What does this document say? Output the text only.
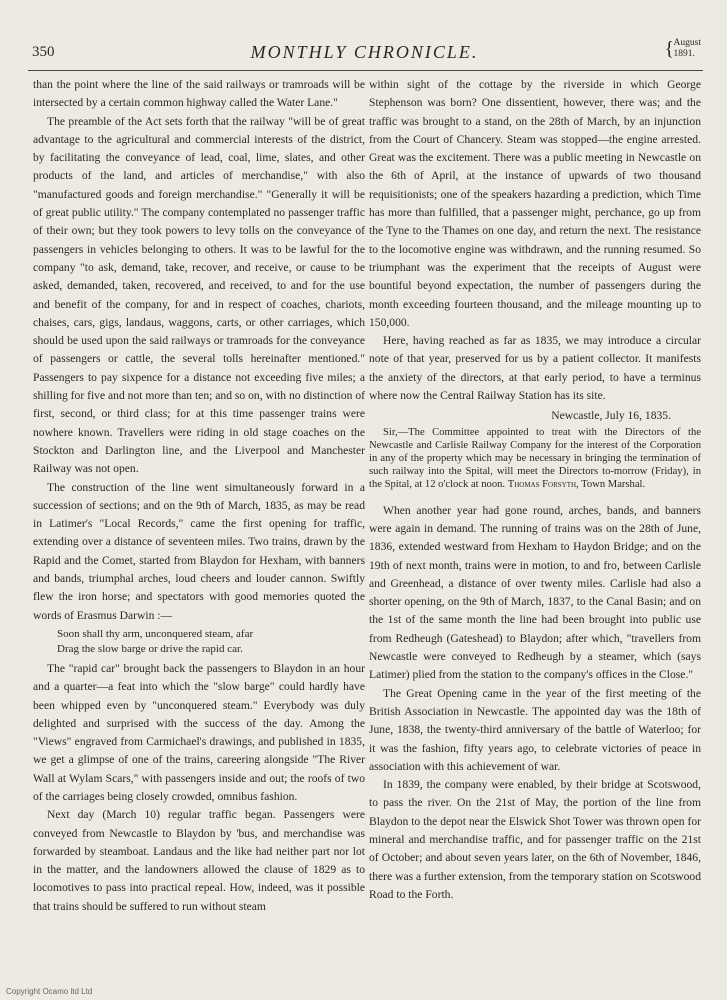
350	MONTHLY CHRONICLE.	{ August
1891.

than the point where the line of the said railways or tramroads will be intersected by a certain common highway called the Water Lane."

The preamble of the Act sets forth that the railway "will be of great advantage to the agricultural and commercial interests of the district, by facilitating the conveyance of lead, coal, lime, slates, and other products of the land, and articles of merchandise," with also "manufactured goods and foreign merchandise." "Generally it will be of great public utility." The company contemplated no passenger traffic of their own; but they took powers to levy tolls on the conveyance of passengers in vehicles belonging to others. It was to be lawful for the company "to ask, demand, take, recover, and receive, or cause to be asked, demanded, taken, recovered, and received, to and for the use and benefit of the company, for and in respect of coaches, chariots, chaises, cars, gigs, landaus, waggons, carts, or other carriages, which should be used upon the said railways or tramroads for the conveyance of passengers or cattle, the several tolls hereinafter mentioned." Passengers to pay sixpence for a distance not exceeding five miles; a shilling for five and not more than ten; and so on, with no distinction of first, second, or third class; for at this time passenger trains were nowhere known. Travellers were riding in old stage coaches on the Stockton and Darlington line, and the Liverpool and Manchester Railway was not open.

The construction of the line went simultaneously forward in a succession of sections; and on the 9th of March, 1835, as may be read in Latimer's "Local Records," came the first opening for traffic, extending over a distance of seventeen miles. Two trains, drawn by the Rapid and the Comet, started from Blaydon for Hexham, with banners and bands, triumphal arches, loud cheers and louder cannon. Swiftly flew the iron horse; and spectators with good memories quoted the words of Erasmus Darwin :—

Soon shall thy arm, unconquered steam, afar
Drag the slow barge or drive the rapid car.

The "rapid car" brought back the passengers to Blaydon in an hour and a quarter—a feat into which the "slow barge" could hardly have been whipped even by "unconquered steam." Everybody was duly delighted and surprised with the success of the day. Among the "Views" engraved from Carmichael's drawings, and published in 1835, we get a glimpse of one of the trains, careering alongside "The River Wall at Wylam Scars," with passengers inside and out; the roofs of two of the carriages being closely crowded, omnibus fashion.

Next day (March 10) regular traffic began. Passengers were conveyed from Newcastle to Blaydon by 'bus, and merchandise was forwarded by steamboat. Landaus and the like had neither part nor lot in the matter, and the landowners allowed the clause of 1829 as to locomotives to pass into practical repeal. How, indeed, was it possible that trains should be suffered to run without steam

within sight of the cottage by the riverside in which George Stephenson was born? One dissentient, however, there was; and the traffic was brought to a stand, on the 28th of March, by an injunction from the Court of Chancery. Steam was stopped—the engine arrested. Great was the excitement. There was a public meeting in Newcastle on the 6th of April, at the instance of upwards of two thousand requisitionists; one of the speakers hazarding a prediction, which Time has more than fulfilled, that a passenger might, perchance, go up from the Tyne to the Thames on one day, and return the next. The resistance to the locomotive engine was withdrawn, and the running resumed. So triumphant was the experiment that the receipts of August were bountiful beyond expectation, the number of passengers during the month exceeding fourteen thousand, and the mileage mounting up to 150,000.

Here, having reached as far as 1835, we may introduce a circular note of that year, preserved for us by a patient collector. It manifests the anxiety of the directors, at that early period, to have a terminus where now the Central Railway Station has its site.

Newcastle, July 16, 1835.

Sir,—The Committee appointed to treat with the Directors of the Newcastle and Carlisle Railway Company for the interest of the Corporation in any of the property which may be necessary in bringing the termination of such railway into the Spital, will meet the Directors to-morrow (Friday), in the Spital, at 12 o'clock at noon. Thomas Forsyth, Town Marshal.

When another year had gone round, arches, bands, and banners were again in demand. The running of trains was on the 28th of June, 1836, extended westward from Hexham to Haydon Bridge; and on the 19th of next month, trains were in motion, to and fro, between Carlisle and Greenhead, a distance of over twenty miles. Carlisle had also a shorter opening, on the 9th of March, 1837, to the Canal Basin; and on the 1st of the same month the line had been brought into public use from Redheugh (Gateshead) to Blaydon; after which, "travellers from Newcastle were conveyed to Redheugh by a steamer, which (says Latimer) plied from the station to the company's offices in the Close."

The Great Opening came in the year of the first meeting of the British Association in Newcastle. The appointed day was the 18th of June, 1838, the twenty-third anniversary of the battle of Waterloo; for it was the fashion, fifty years ago, to celebrate victories of peace in association with this achievement of war.

In 1839, the company were enabled, by their bridge at Scotswood, to pass the river. On the 21st of May, the portion of the line from Blaydon to the depot near the Elswick Shot Tower was thrown open for mineral and merchandise traffic, and for passenger traffic on the 21st of October; and about seven years later, on the 6th of November, 1846, there was a further extension, from the temporary station on Scotswood Road to the Forth.

Copyright Ocamo ltd Ltd
